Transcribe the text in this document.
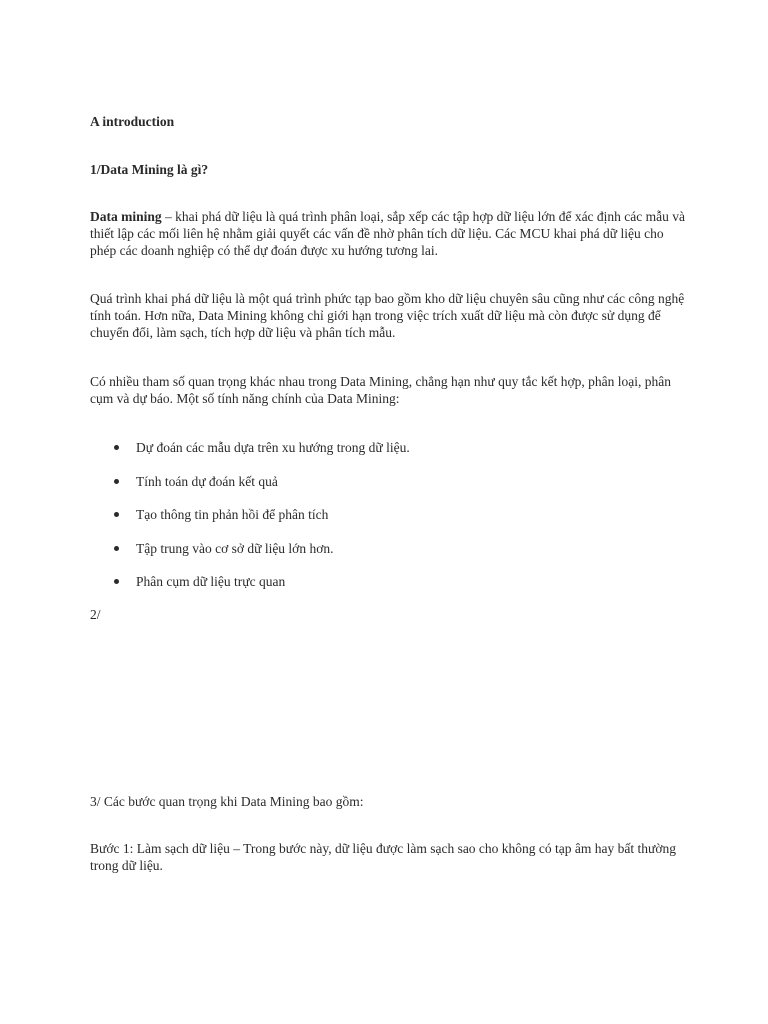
A introduction

1/Data Mining là gì?

Data mining – khai phá dữ liệu là quá trình phân loại, sắp xếp các tập hợp dữ liệu lớn để xác định các mẫu và thiết lập các mối liên hệ nhằm giải quyết các vấn đề nhờ phân tích dữ liệu. Các MCU khai phá dữ liệu cho phép các doanh nghiệp có thể dự đoán được xu hướng tương lai.

Quá trình khai phá dữ liệu là một quá trình phức tạp bao gồm kho dữ liệu chuyên sâu cũng như các công nghệ tính toán. Hơn nữa, Data Mining không chỉ giới hạn trong việc trích xuất dữ liệu mà còn được sử dụng để chuyển đổi, làm sạch, tích hợp dữ liệu và phân tích mẫu.

Có nhiều tham số quan trọng khác nhau trong Data Mining, chẳng hạn như quy tắc kết hợp, phân loại, phân cụm và dự báo. Một số tính năng chính của Data Mining:

Dự đoán các mẫu dựa trên xu hướng trong dữ liệu.
Tính toán dự đoán kết quả
Tạo thông tin phản hồi để phân tích
Tập trung vào cơ sở dữ liệu lớn hơn.
Phân cụm dữ liệu trực quan

2/

3/ Các bước quan trọng khi Data Mining bao gồm:

Bước 1: Làm sạch dữ liệu – Trong bước này, dữ liệu được làm sạch sao cho không có tạp âm hay bất thường trong dữ liệu.
